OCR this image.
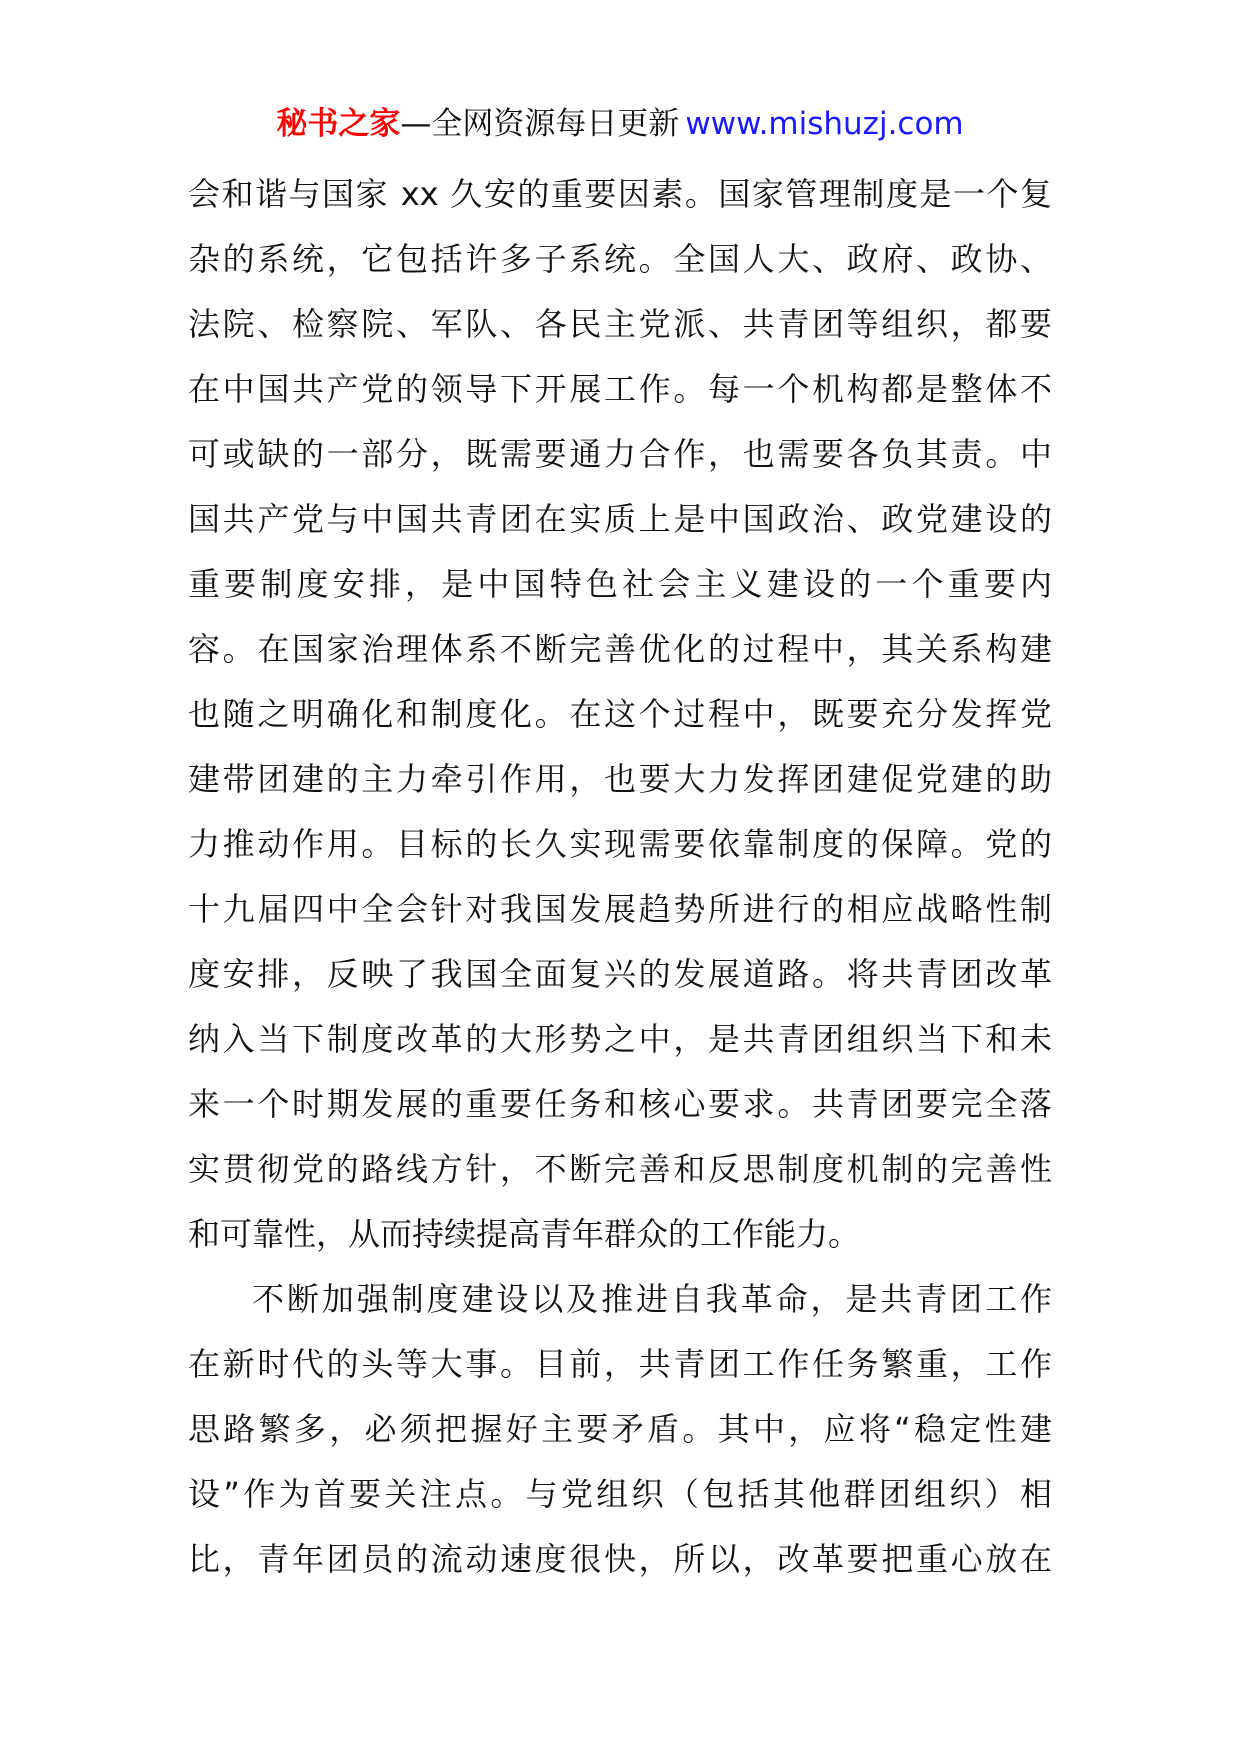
秘书之家—全网资源每日更新 www.mishuzj.com
会和谐与国家 xx 久安的重要因素。国家管理制度是一个复
杂的系统，它包括许多子系统。全国人大、政府、政协、
法院、检察院、军队、各民主党派、共青团等组织，都要
在中国共产党的领导下开展工作。每一个机构都是整体不
可或缺的一部分，既需要通力合作，也需要各负其责。中
国共产党与中国共青团在实质上是中国政治、政党建设的
重要制度安排，是中国特色社会主义建设的一个重要内
容。在国家治理体系不断完善优化的过程中，其关系构建
也随之明确化和制度化。在这个过程中，既要充分发挥党
建带团建的主力牵引作用，也要大力发挥团建促党建的助
力推动作用。目标的长久实现需要依靠制度的保障。党的
十九届四中全会针对我国发展趋势所进行的相应战略性制
度安排，反映了我国全面复兴的发展道路。将共青团改革
纳入当下制度改革的大形势之中，是共青团组织当下和未
来一个时期发展的重要任务和核心要求。共青团要完全落
实贯彻党的路线方针，不断完善和反思制度机制的完善性
和可靠性，从而持续提高青年群众的工作能力。
不断加强制度建设以及推进自我革命，是共青团工作
在新时代的头等大事。目前，共青团工作任务繁重，工作
思路繁多，必须把握好主要矛盾。其中，应将“稳定性建
设”作为首要关注点。与党组织（包括其他群团组织）相
比，青年团员的流动速度很快，所以，改革要把重心放在
